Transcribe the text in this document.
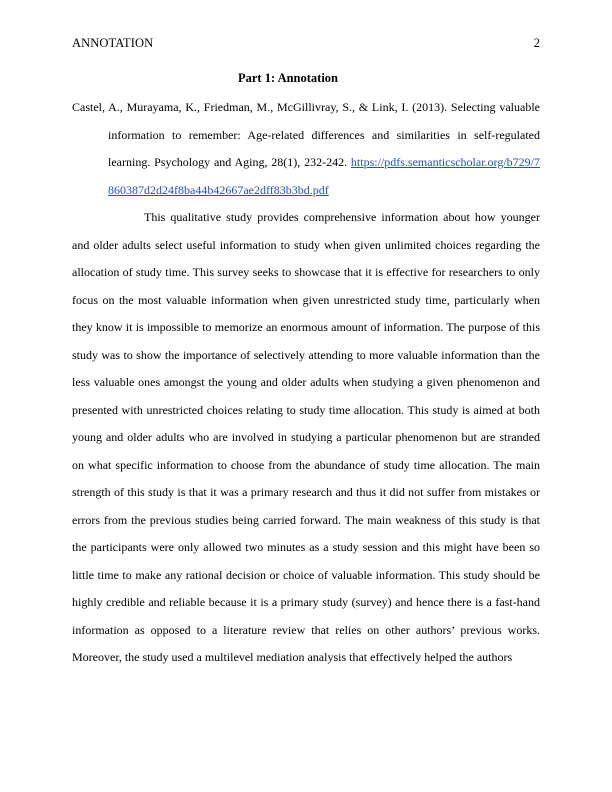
ANNOTATION	2
Part 1: Annotation

Castel, A., Murayama, K., Friedman, M., McGillivray, S., & Link, I. (2013). Selecting valuable information to remember: Age-related differences and similarities in self-regulated learning. Psychology and Aging, 28(1), 232-242. https://pdfs.semanticscholar.org/b729/7860387d2d24f8ba44b42667ae2dff83b3bd.pdf

This qualitative study provides comprehensive information about how younger and older adults select useful information to study when given unlimited choices regarding the allocation of study time. This survey seeks to showcase that it is effective for researchers to only focus on the most valuable information when given unrestricted study time, particularly when they know it is impossible to memorize an enormous amount of information. The purpose of this study was to show the importance of selectively attending to more valuable information than the less valuable ones amongst the young and older adults when studying a given phenomenon and presented with unrestricted choices relating to study time allocation. This study is aimed at both young and older adults who are involved in studying a particular phenomenon but are stranded on what specific information to choose from the abundance of study time allocation. The main strength of this study is that it was a primary research and thus it did not suffer from mistakes or errors from the previous studies being carried forward. The main weakness of this study is that the participants were only allowed two minutes as a study session and this might have been so little time to make any rational decision or choice of valuable information. This study should be highly credible and reliable because it is a primary study (survey) and hence there is a fast-hand information as opposed to a literature review that relies on other authors’ previous works. Moreover, the study used a multilevel mediation analysis that effectively helped the authors
